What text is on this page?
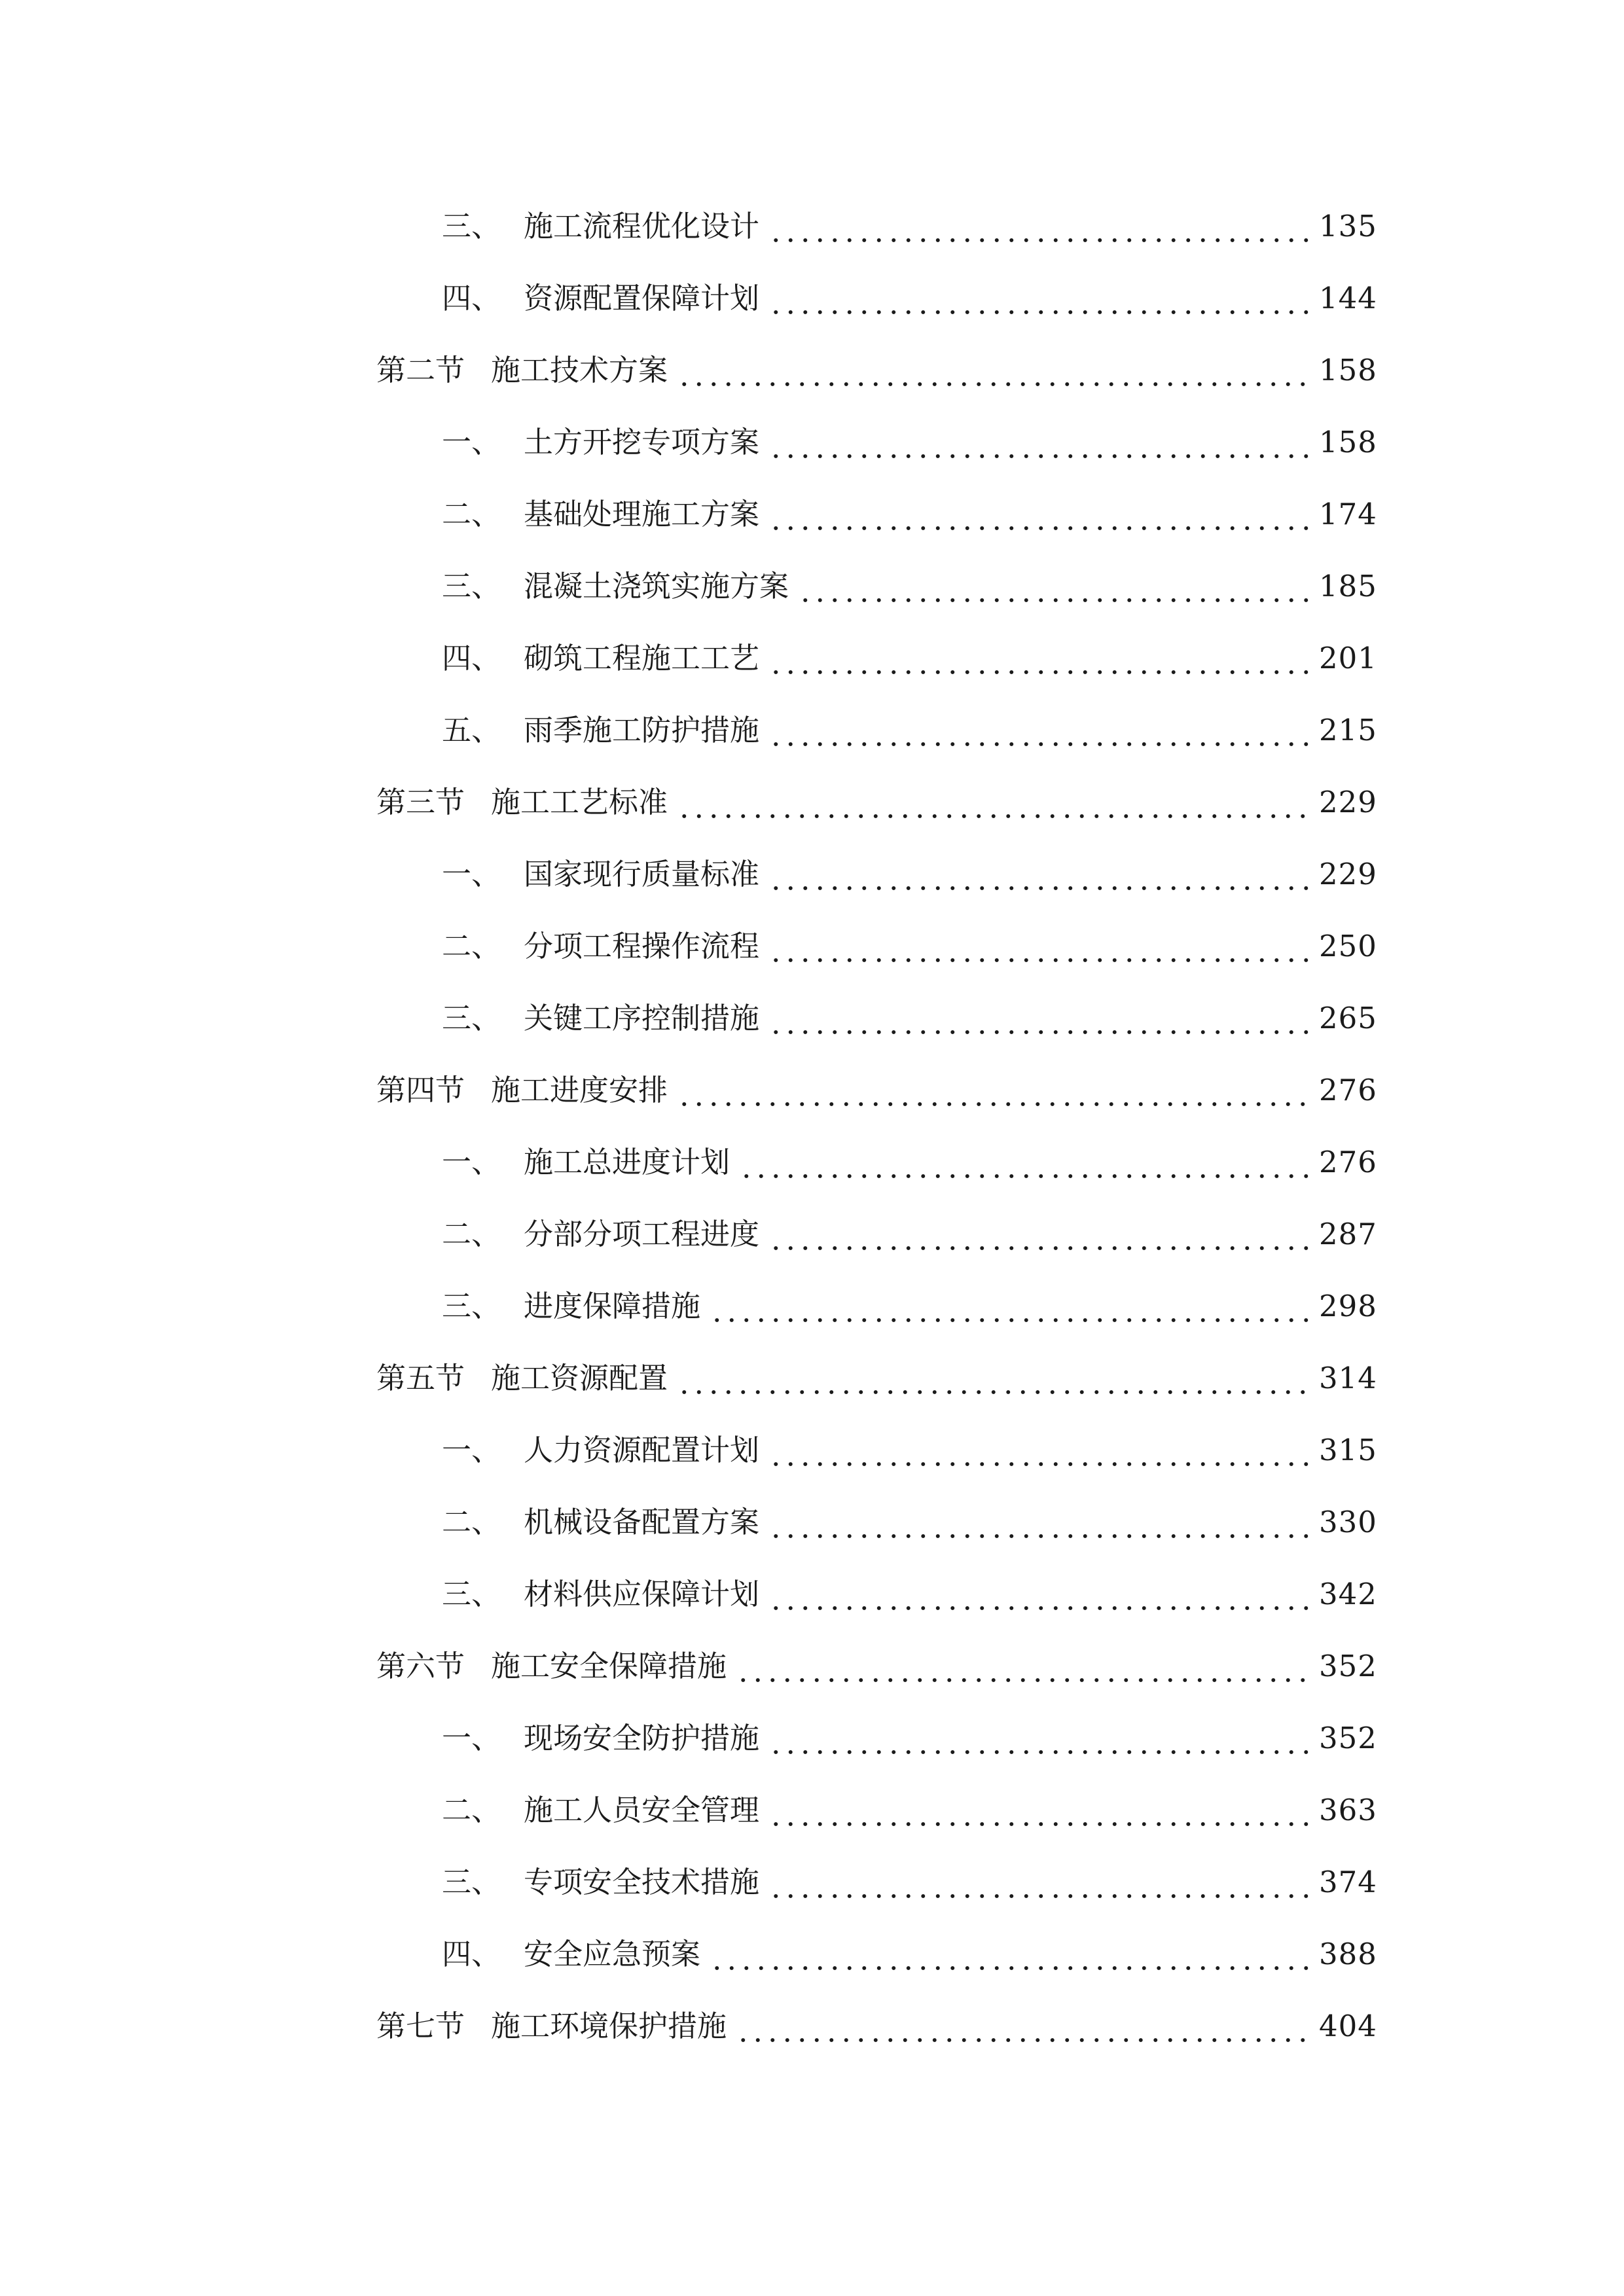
三、 施工流程优化设计	135
四、 资源配置保障计划	144
第二节 施工技术方案	158
一、 土方开挖专项方案	158
二、 基础处理施工方案	174
三、 混凝土浇筑实施方案	185
四、 砌筑工程施工工艺	201
五、 雨季施工防护措施	215
第三节 施工工艺标准	229
一、 国家现行质量标准	229
二、 分项工程操作流程	250
三、 关键工序控制措施	265
第四节 施工进度安排	276
一、 施工总进度计划	276
二、 分部分项工程进度	287
三、 进度保障措施	298
第五节 施工资源配置	314
一、 人力资源配置计划	315
二、 机械设备配置方案	330
三、 材料供应保障计划	342
第六节 施工安全保障措施	352
一、 现场安全防护措施	352
二、 施工人员安全管理	363
三、 专项安全技术措施	374
四、 安全应急预案	388
第七节 施工环境保护措施	404
